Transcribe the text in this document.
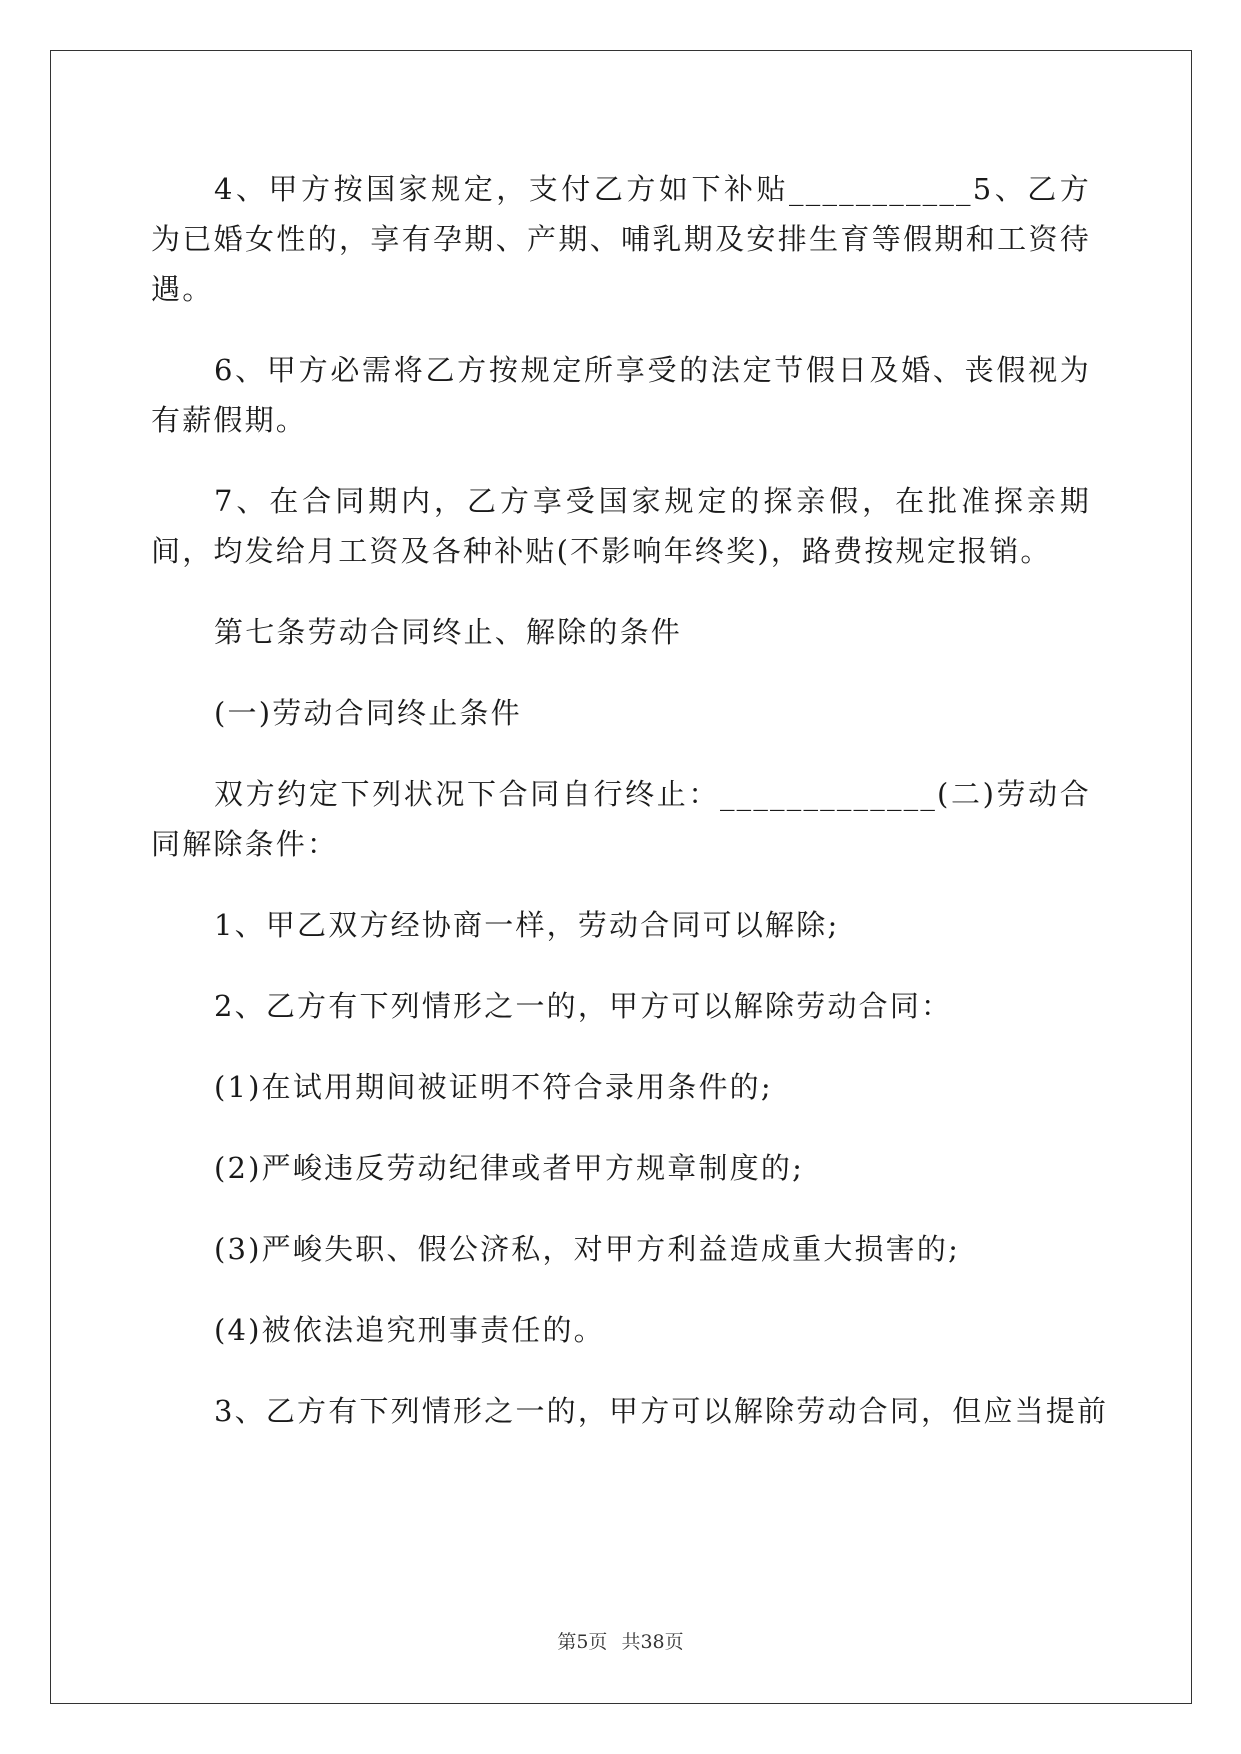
4、甲方按国家规定，支付乙方如下补贴___________5、乙方为已婚女性的，享有孕期、产期、哺乳期及安排生育等假期和工资待遇。

6、甲方必需将乙方按规定所享受的法定节假日及婚、丧假视为有薪假期。

7、在合同期内，乙方享受国家规定的探亲假，在批准探亲期间，均发给月工资及各种补贴(不影响年终奖)，路费按规定报销。

第七条劳动合同终止、解除的条件

(一)劳动合同终止条件

双方约定下列状况下合同自行终止：_____________(二)劳动合同解除条件：

1、甲乙双方经协商一样，劳动合同可以解除;

2、乙方有下列情形之一的，甲方可以解除劳动合同：

(1)在试用期间被证明不符合录用条件的;

(2)严峻违反劳动纪律或者甲方规章制度的;

(3)严峻失职、假公济私，对甲方利益造成重大损害的;

(4)被依法追究刑事责任的。

3、乙方有下列情形之一的，甲方可以解除劳动合同，但应当提前

第5页 共38页
